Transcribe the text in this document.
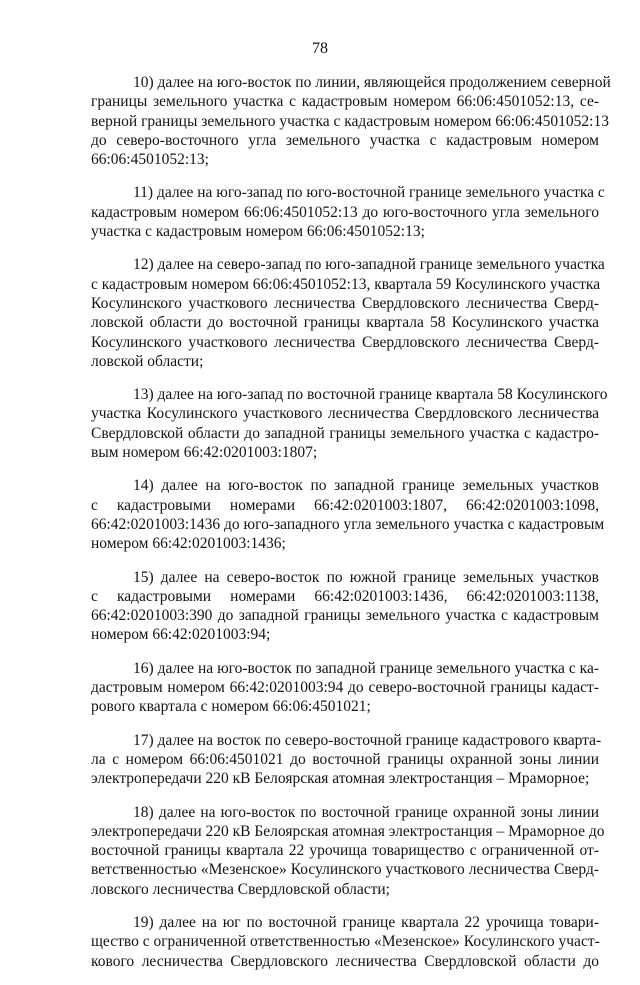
78

10) далее на юго-восток по линии, являющейся продолжением северной
границы земельного участка с кадастровым номером 66:06:4501052:13, се-
верной границы земельного участка с кадастровым номером 66:06:4501052:13
до северо-восточного угла земельного участка с кадастровым номером
66:06:4501052:13;

11) далее на юго-запад по юго-восточной границе земельного участка с
кадастровым номером 66:06:4501052:13 до юго-восточного угла земельного
участка с кадастровым номером 66:06:4501052:13;

12) далее на северо-запад по юго-западной границе земельного участка
с кадастровым номером 66:06:4501052:13, квартала 59 Косулинского участка
Косулинского участкового лесничества Свердловского лесничества Сверд-
ловской области до восточной границы квартала 58 Косулинского участка
Косулинского участкового лесничества Свердловского лесничества Сверд-
ловской области;

13) далее на юго-запад по восточной границе квартала 58 Косулинского
участка Косулинского участкового лесничества Свердловского лесничества
Свердловской области до западной границы земельного участка с кадастро-
вым номером 66:42:0201003:1807;

14) далее на юго-восток по западной границе земельных участков
с кадастровыми номерами 66:42:0201003:1807, 66:42:0201003:1098,
66:42:0201003:1436 до юго-западного угла земельного участка с кадастровым
номером 66:42:0201003:1436;

15) далее на северо-восток по южной границе земельных участков
с кадастровыми номерами 66:42:0201003:1436, 66:42:0201003:1138,
66:42:0201003:390 до западной границы земельного участка с кадастровым
номером 66:42:0201003:94;

16) далее на юго-восток по западной границе земельного участка с ка-
дастровым номером 66:42:0201003:94 до северо-восточной границы кадаст-
рового квартала с номером 66:06:4501021;

17) далее на восток по северо-восточной границе кадастрового кварта-
ла с номером 66:06:4501021 до восточной границы охранной зоны линии
электропередачи 220 кВ Белоярская атомная электростанция – Мраморное;

18) далее на юго-восток по восточной границе охранной зоны линии
электропередачи 220 кВ Белоярская атомная электростанция – Мраморное до
восточной границы квартала 22 урочища товарищество с ограниченной от-
ветственностью «Мезенское» Косулинского участкового лесничества Сверд-
ловского лесничества Свердловской области;

19) далее на юг по восточной границе квартала 22 урочища товари-
щество с ограниченной ответственностью «Мезенское» Косулинского участ-
кового лесничества Свердловского лесничества Свердловской области до
